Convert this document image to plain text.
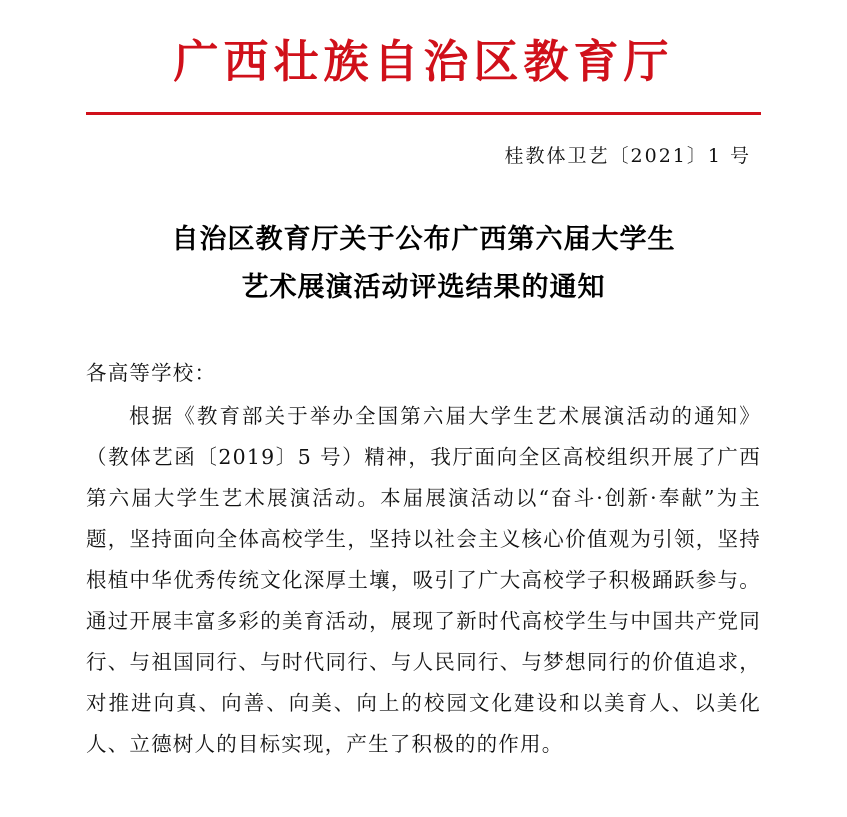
广西壮族自治区教育厅
桂教体卫艺〔2021〕1 号
自治区教育厅关于公布广西第六届大学生
艺术展演活动评选结果的通知

各高等学校：

根据《教育部关于举办全国第六届大学生艺术展演活动的通知》（教体艺函〔2019〕5 号）精神，我厅面向全区高校组织开展了广西第六届大学生艺术展演活动。本届展演活动以“奋斗·创新·奉献”为主题，坚持面向全体高校学生，坚持以社会主义核心价值观为引领，坚持根植中华优秀传统文化深厚土壤，吸引了广大高校学子积极踊跃参与。通过开展丰富多彩的美育活动，展现了新时代高校学生与中国共产党同行、与祖国同行、与时代同行、与人民同行、与梦想同行的价值追求，对推进向真、向善、向美、向上的校园文化建设和以美育人、以美化人、立德树人的目标实现，产生了积极的的作用。
